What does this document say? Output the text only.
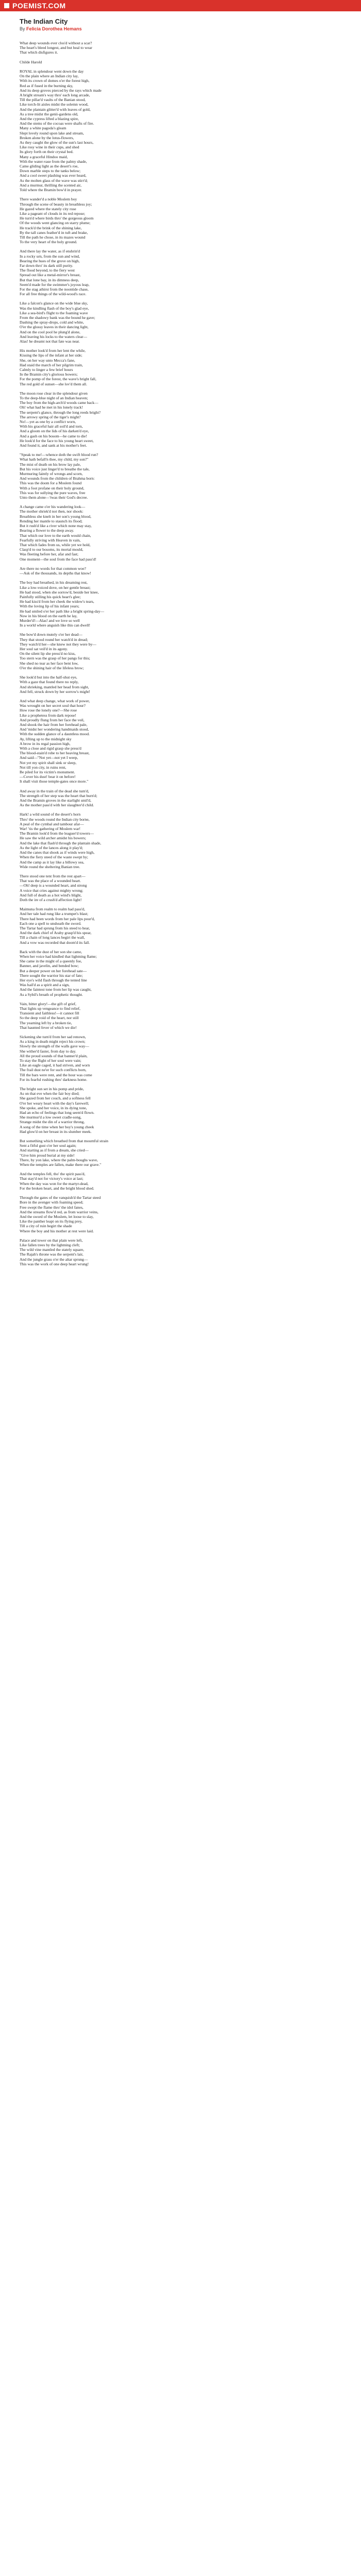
POEMIST.COM
The Indian City
By Felicia Dorothea Hemans
What deep wounds ever clos'd without a scar?
The heart's bleed longest, and but heal to wear
That which disfigures it.

Childe Harold
ROYAL in splendour went down the day
On the plain where an Indian city lay,
With its crown of domes o'er the forest high,
Red as if fused in the burning sky,
And its deep groves pierced by the rays which made
A bright stream's way thro' each long arcade,
Till the pillar'd vaults of the Banian stood,
Like torch-lit aisles midst the solemn wood,
And the plantain glitter'd with leaves of gold,
As a tree midst the genii-gardens old,
And the cypress lifted a blazing spire,
And the stems of the cocoas were shafts of fire.
Many a white pagoda's gleam
Slept lovely round upon lake and stream,
Broken alone by the lotus-flowers,
As they caught the glow of the sun's last hours,
Like rosy wine in their cups, and shed
Its glory forth on their crystal bed.
Many a graceful Hindoo maid,
With the water-vase from the palmy shade,
Came gliding light as the desert's roe,
Down marble steps to the tanks below;
And a cool sweet plashing was ever heard,
As the molten glass of the wave was stirr'd;
And a murmur, thrilling the scented air,
Told where the Bramin bow'd in prayer.
There wander'd a noble Moslem boy
Through the scene of beauty in breathless joy;
He gazed where the stately city rose
Like a pageant of clouds in its red repose;
He turn'd where birds thro' the gorgeous gloom
Of the woods went glancing on starry plume;
He track'd the brink of the shining lake,
By the tall canes feather'd in tuft and brake,
Till the path he chose, in its mazes wound
To the very heart of the holy ground.
And there lay the water, as if enshrin'd
In a rocky urn, from the sun and wind,
Bearing the hues of the grove on high,
Far down thro' its dark still purity.
The flood beyond, to the fiery west
Spread out like a metal-mirror's breast,
But that lone bay, in its dimness deep,
Seem'd made for the swimmer's joyous leap,
For the stag athirst from the noontide chase,
For all free things of the wild-wood's race.
Like a falcon's glance on the wide blue sky,
Was the kindling flash of the boy's glad eye,
Like a sea-bird's flight to the foaming wave
From the shadowy bank was the bound he gave;
Dashing the spray-drops, cold and white,
O'er the glossy leaves in their dancing light,
And on the cool pool he plung'd alone,
And leaving his locks to the waters clear—
Alas! he dreamt not that fate was near.
His mother look'd from her lent the while,
Kissing the lips of the infant at her side;
She, on her way unto Mecca's fane,
Had staid the march of her pilgrim train,
Calmly to linger a few brief hours
In the Bramin city's glorious bowers;
For the pomp of the forest, the wave's bright fall,
The red gold of sunset—she lov'd them all.
The moon rose clear in the splendour given
To the deep-blue night of an Indian heaven;
The boy from the high-arch'd woods came back—
Oh! what had he met in his lonely track!
The serpent's glance, through the long reeds bright?
The arrowy spring of the tiger's might?
No!—yet as one by a conflict worn,
With his graceful hair all soil'd and torn,
And a gloom on the lids of his darken'd eye,
And a gash on his bosom—he came to die!
He look'd for the face to his young heart sweet,
And found it, and sank at his mother's feet.
"Speak to me!—whence doth the swift blood run?
What hath befall'n thee, my child, my son?"
The mist of death on his brow lay pale,
But his voice just linger'd to breathe the tale,
Murmuring faintly of wrongs and scorn,
And wounds from the children of Brahma born:
This was the doom for a Moslem found
With a foot profane on their holy ground,
This was for sullying the pure waves, free
Unto them alone—'twas their God's decree.
A change came o'er his wandering look—
The mother shriek'd not then, nor shook:
Breathless she knelt in her son's young blood,
Rending her mantle to staunch its flood;
But it rush'd like a river which none may stay,
Bearing a flower to the deep away.
That which our love to the earth would chain,
Fearfully striving with Heaven in vain,
That which fades from us, while yet we hold,
Clasp'd to our bosoms, its mortal mould,
Was fleeting before her, afar and fast;
One moment—the soul from the face had pass'd!
Are there no words for that common woe?
—Ask of the thousands, its depths that know!

The boy had breathed, in his dreaming rest,
Like a low-voiced dove, on her gentle breast;
He had stood, when she sorrow'd, beside her knee,
Painfully stilling his quick heart's glee;
He had kiss'd from her cheek the widow's tears,
With the loving lip of his infant years;
He had smiled o'er her path like a bright spring-day—
Now in his blood on the earth he lay,
Murder'd!—Alas! and we love so well
In a world where anguish like this can dwell!
She bow'd down mutely o'er her dead—
They that stood round her watch'd in dread;
They watch'd her—she knew not they were by—
Her soul sat veil'd in its agony.
On the silent lip she press'd no kiss,
Too stern was the grasp of her pangs for this;
She shed no tear as her face bent low,
O'er the shining hair of the lifeless brow;

She look'd but into the half-shut eye,
With a gaze that found there no reply,
And shrieking, mantled her head from sight,
And fell, struck down by her sorrow's might!
And what deep change, what work of power,
Was wrought on her secret soul that hour?
How rose the lonely one?—She rose
Like a prophetess from dark repose!
And proudly flung from her face the veil,
And shook the hair from her forehead pale,
And 'midst her wondering handmaids stood,
With the sudden glance of a dauntless mood.
Ay, lifting up to the midnight sky
A brow in its regal passion high,
With a close and rigid grasp she press'd
The blood-stain'd robe to her heaving breast,
And said—"Not yet—not yet I weep,
Not yet my spirit shall sink or sleep,
Not till yon city, in ruins rent,
Be piled for its victim's monument.
—Cover his dust! bear it on before!
It shall visit those temple-gates once more."
And away in the train of the dead she turn'd,
The strength of her step was the heart that burn'd;
And the Bramin groves in the starlight smil'd,
As the mother pass'd with her slaughter'd child.
Hark! a wild sound of the desert's horn
Thro' the woods round the Indian city borne,
A peal of the cymbal and tambour afar—
War! 'tis the gathering of Moslem war!
The Bramin look'd from the leaguer'd towers—
He saw the wild archer amidst his bowers;
And the lake that flash'd through the plantain shade,
As the light of the lances along it play'd;
And the canes that shook as if winds were high,
When the fiery steed of the waste swept by;
And the camp as it lay like a billowy sea,
Wide round the sheltering Banian tree.
There stood one tent from the rest apart—
That was the place of a wounded heart.
—Oh! deep is a wounded heart, and strong
A voice that cries against mighty wrong;
And full of death as a hot wind's blight,
Doth the ire of a crush'd affection light!
Maimuna from realm to realm had pass'd,
And her tale had rung like a trumpet's blast;
There had been words from her pale lips pour'd,
Each one a spell to unsheath the sword.
The Tartar had sprung from his steed to hear,
And the dark chief of Araby grasp'd his spear,
Till a chain of long lances begirt the wall,
And a vow was recorded that doom'd its fall.
Back with the dust of her son she came,
When her voice had kindled that lightning flame;
She came in the might of a queenly foe,
Banner, and javelin, and bended bow;
But a deeper power on her forehead sate—
There sought the warrior his star of fate;
Her eye's wild flash through the tented line
Was hail'd as a spirit and a sign,
And the faintest tone from her lip was caught,
As a Sybil's breath of prophetic thought.
Vain, bitter glory!—the gift of grief,
That lights up vengeance to find relief,
Transient and faithless!—it cannot fill
So the deep void of the heart, nor still
The yearning left by a broken tie,
That haunted fever of which we die!
Sickening she turn'd from her sad renown,
As a king in death might reject his crown;
Slowly the strength of the walls gave way—
She wither'd faster, from day to day.
All the proud sounds of that banner'd plain,
To stay the flight of her soul were vain;
Like an eagle caged, it had striven, and worn
The frail dust ne'er for such conflicts born,
Till the bars were rent, and the hour was come
For its fearful rushing thro' darkness home.
The bright sun set in his pomp and pride,
As on that eve when the fair boy died;
She gazed from her couch, and a softness fell
O'er her weary heart with the day's farewell;
She spoke, and her voice, in its dying tone,
Had an echo of feelings that long seem'd flown.
She murmur'd a low sweet cradle-song,
Strange midst the din of a warrior throng,
A song of the time when her boy's young cheek
Had glow'd on her breast in its slumber meek.
But something which breathed from that mournful strain
Sent a fitful gust o'er her soul again;
And starting as if from a dream, she cried—
"Give him proud burial at my side!
There, by yon lake, where the palm-boughs wave,
When the temples are fallen, make there our grave."
And the temples fell, tho' the spirit pass'd,
That stay'd not for victory's voice at last;
When the day was won for the martyr-dead,
For the broken heart, and the bright blood shed.
Through the gates of the vanquish'd the Tartar steed
Bore in the avenger with foaming speed;
Free swept the flame thro' the idol fanes,
And the streams flow'd red, as from warrior veins,
And the sword of the Moslem, let loose to slay,
Like the panther leapt on its flying prey,
Till a city of ruin begirt the shade
Where the boy and his mother at rest were laid.
Palace and tower on that plain were left,
Like fallen trees by the lightning cleft;
The wild vine mantled the stately square,
The Rajah's throne was the serpent's lair,
And the jungle grass o'er the altar sprung—
This was the work of one deep heart wrung!
